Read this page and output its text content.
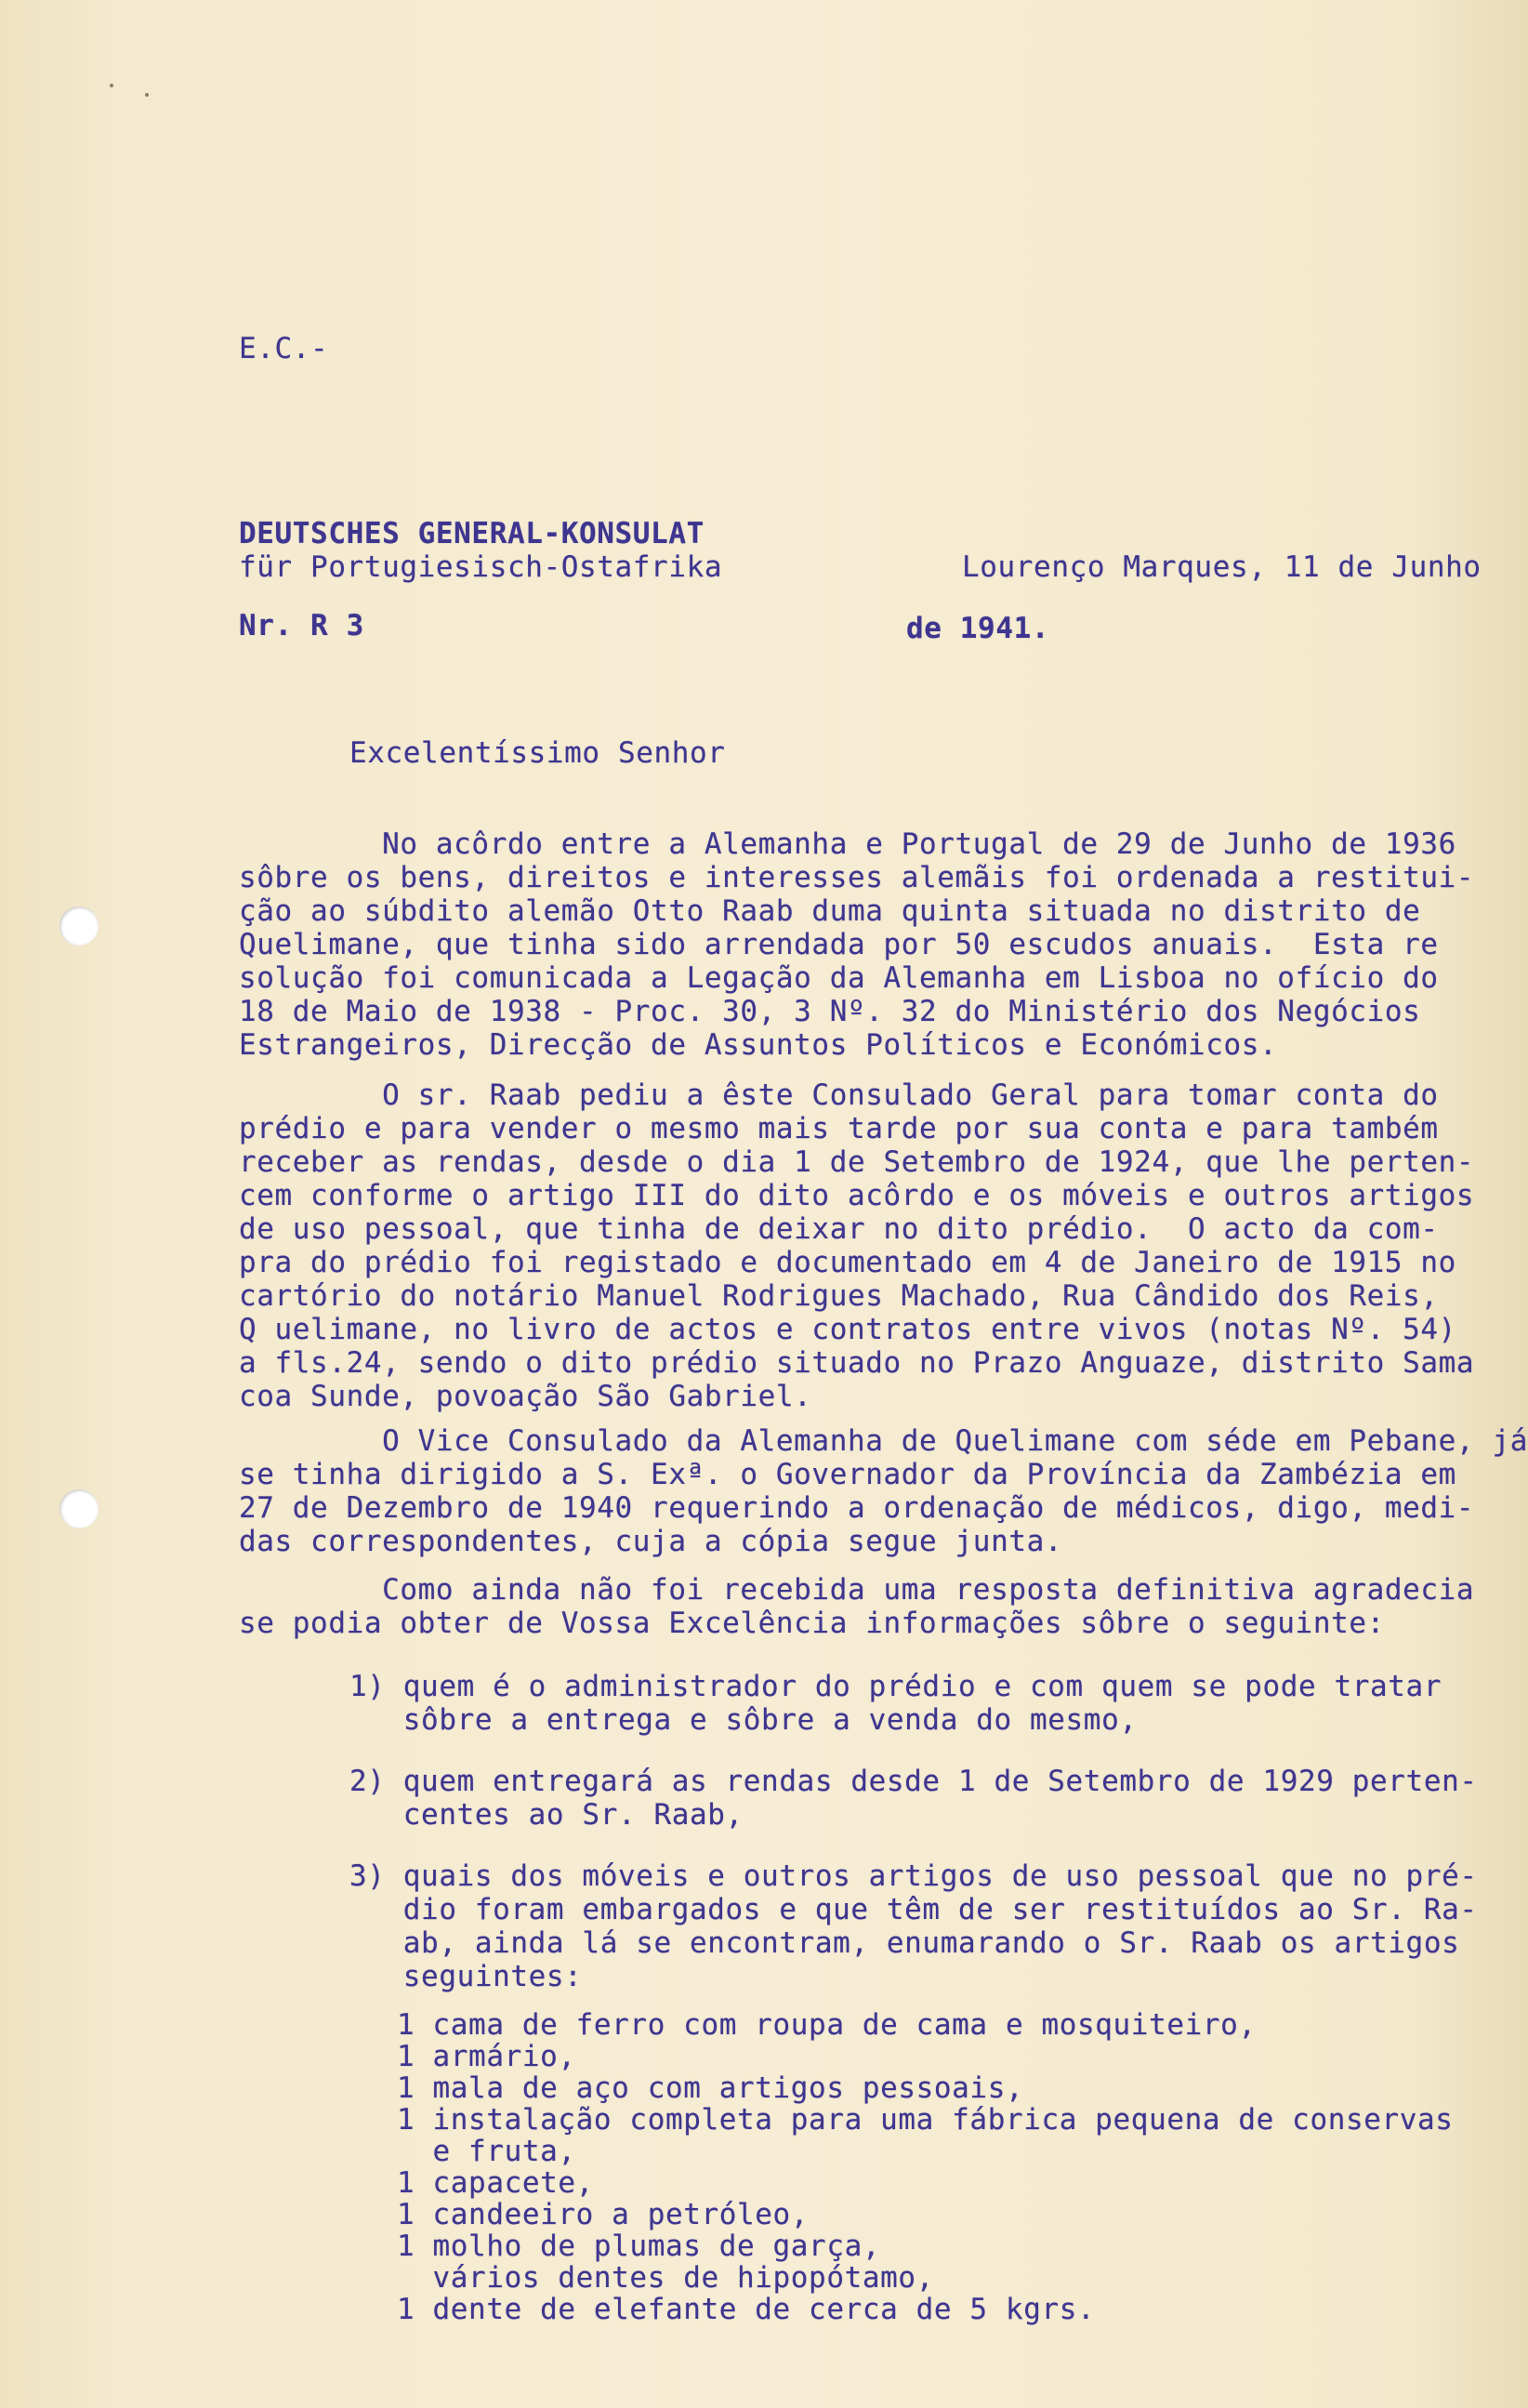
E.C.-
DEUTSCHES GENERAL-KONSULAT
für Portugiesisch-Ostafrika
Nr. R 3
Lourenço Marques, 11 de Junho
de 1941.
Excelentíssimo Senhor
No acôrdo entre a Alemanha e Portugal de 29 de Junho de 1936
sôbre os bens, direitos e interesses alemãis foi ordenada a restitui-
ção ao súbdito alemão Otto Raab duma quinta situada no distrito de
Quelimane, que tinha sido arrendada por 50 escudos anuais.  Esta re
solução foi comunicada a Legação da Alemanha em Lisboa no ofício do
18 de Maio de 1938 - Proc. 30, 3 Nº. 32 do Ministério dos Negócios
Estrangeiros, Direcção de Assuntos Políticos e Económicos.
O sr. Raab pediu a êste Consulado Geral para tomar conta do
prédio e para vender o mesmo mais tarde por sua conta e para também
receber as rendas, desde o dia 1 de Setembro de 1924, que lhe perten-
cem conforme o artigo III do dito acôrdo e os móveis e outros artigos
de uso pessoal, que tinha de deixar no dito prédio.  O acto da com-
pra do prédio foi registado e documentado em 4 de Janeiro de 1915 no
cartório do notário Manuel Rodrigues Machado, Rua Cândido dos Reis,
Q uelimane, no livro de actos e contratos entre vivos (notas Nº. 54)
a fls.24, sendo o dito prédio situado no Prazo Anguaze, distrito Sama
coa Sunde, povoação São Gabriel.
O Vice Consulado da Alemanha de Quelimane com séde em Pebane, já
se tinha dirigido a S. Exª. o Governador da Província da Zambézia em
27 de Dezembro de 1940 requerindo a ordenação de médicos, digo, medi-
das correspondentes, cuja a cópia segue junta.
Como ainda não foi recebida uma resposta definitiva agradecia
se podia obter de Vossa Excelência informações sôbre o seguinte:
1) quem é o administrador do prédio e com quem se pode tratar
sôbre a entrega e sôbre a venda do mesmo,
2) quem entregará as rendas desde 1 de Setembro de 1929 perten-
centes ao Sr. Raab,
3) quais dos móveis e outros artigos de uso pessoal que no pré-
dio foram embargados e que têm de ser restituídos ao Sr. Ra-
ab, ainda lá se encontram, enumarando o Sr. Raab os artigos
seguintes:
1 cama de ferro com roupa de cama e mosquiteiro,
1 armário,
1 mala de aço com artigos pessoais,
1 instalação completa para uma fábrica pequena de conservas
e fruta,
1 capacete,
1 candeeiro a petróleo,
1 molho de plumas de garça,
vários dentes de hipopótamo,
1 dente de elefante de cerca de 5 kgrs.
